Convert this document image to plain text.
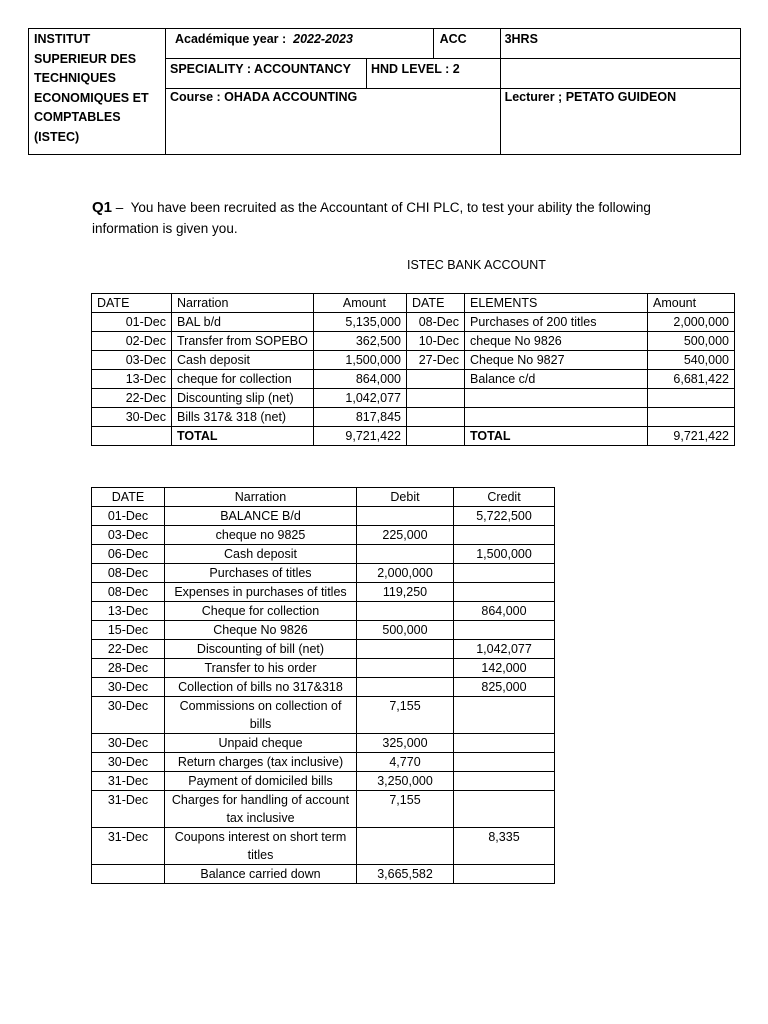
INSTITUT SUPERIEUR DES TECHNIQUES ECONOMIQUES ET COMPTABLES (ISTEC)	Académique year : 2022-2023		ACC	3HRS
	SPECIALITY : ACCOUNTANCY	HND LEVEL : 2		
	Course : OHADA ACCOUNTING			Lecturer ; PETATO GUIDEON
Q1 – You have been recruited as the Accountant of CHI PLC, to test your ability the following information is given you.
ISTEC BANK ACCOUNT
DATE	Narration	Amount	DATE	ELEMENTS	Amount
01-Dec	BAL b/d	5,135,000	08-Dec	Purchases of 200 titles	2,000,000
02-Dec	Transfer from SOPEBO	362,500	10-Dec	cheque No 9826	500,000
03-Dec	Cash deposit	1,500,000	27-Dec	Cheque No 9827	540,000
13-Dec	cheque for collection	864,000		Balance c/d	6,681,422
22-Dec	Discounting slip (net)	1,042,077			
30-Dec	Bills 317& 318 (net)	817,845			
	TOTAL	9,721,422		TOTAL	9,721,422
DATE	Narration	Debit	Credit
01-Dec	BALANCE B/d		5,722,500
03-Dec	cheque no 9825	225,000	
06-Dec	Cash deposit		1,500,000
08-Dec	Purchases of titles	2,000,000	
08-Dec	Expenses in purchases of titles	119,250	
13-Dec	Cheque for collection		864,000
15-Dec	Cheque No 9826	500,000	
22-Dec	Discounting of bill (net)		1,042,077
28-Dec	Transfer to his order		142,000
30-Dec	Collection of bills no 317&318		825,000
30-Dec	Commissions on collection of bills	7,155	
30-Dec	Unpaid cheque	325,000	
30-Dec	Return charges (tax inclusive)	4,770	
31-Dec	Payment of domiciled bills	3,250,000	
31-Dec	Charges for handling of account tax inclusive	7,155	
31-Dec	Coupons interest on short term titles		8,335
	Balance carried down	3,665,582	
